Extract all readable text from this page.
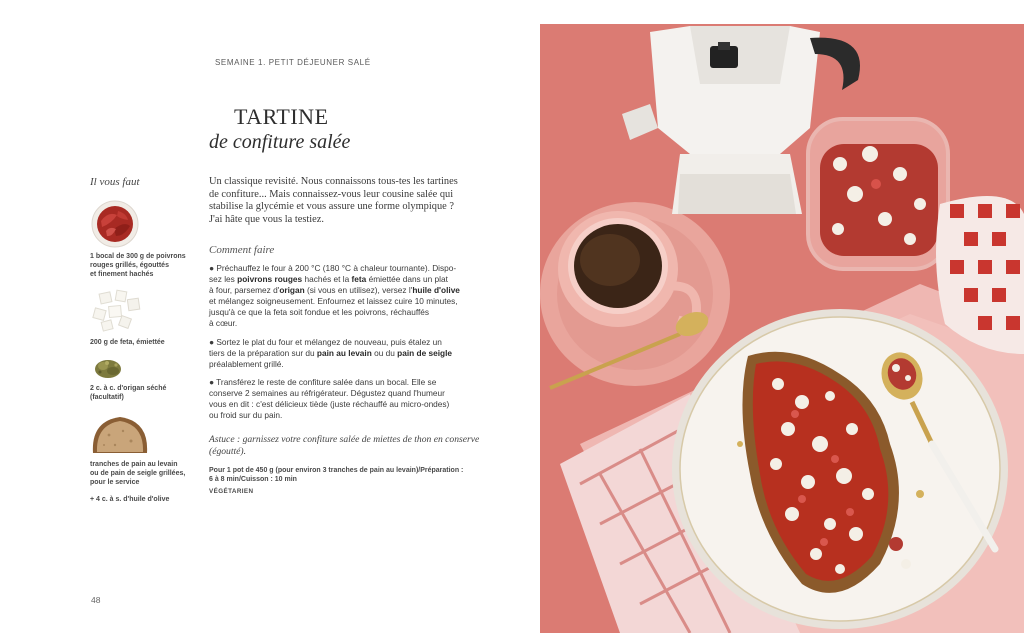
SEMAINE 1. PETIT DÉJEUNER SALÉ
TARTINE
de confiture salée
Il vous faut
1 bocal de 300 g de poivrons
rouges grillés, égouttés
et finement hachés
200 g de feta, émiettée
2 c. à c. d'origan séché
(facultatif)
tranches de pain au levain
ou de pain de seigle grillées,
pour le service
+ 4 c. à s. d'huile d'olive
Un classique revisité. Nous connaissons tous-tes les tartines
de confiture... Mais connaissez-vous leur cousine salée qui
stabilise la glycémie et vous assure une forme olympique ?
J'ai hâte que vous la testiez.
Comment faire
● Préchauffez le four à 200 °C (180 °C à chaleur tournante). Dispo-
sez les poivrons rouges hachés et la feta émiettée dans un plat
à four, parsemez d'origan (si vous en utilisez), versez l'huile d'olive
et mélangez soigneusement. Enfournez et laissez cuire 10 minutes,
jusqu'à ce que la feta soit fondue et les poivrons, réchauffés
à cœur.
● Sortez le plat du four et mélangez de nouveau, puis étalez un
tiers de la préparation sur du pain au levain ou du pain de seigle
préalablement grillé.
● Transférez le reste de confiture salée dans un bocal. Elle se
conserve 2 semaines au réfrigérateur. Dégustez quand l'humeur
vous en dit : c'est délicieux tiède (juste réchauffé au micro-ondes)
ou froid sur du pain.
Astuce : garnissez votre confiture salée de miettes de thon en conserve
(égoutté).
Pour 1 pot de 450 g (pour environ 3 tranches de pain au levain)/Préparation :
6 à 8 min/Cuisson : 10 min
VÉGÉTARIEN
48
